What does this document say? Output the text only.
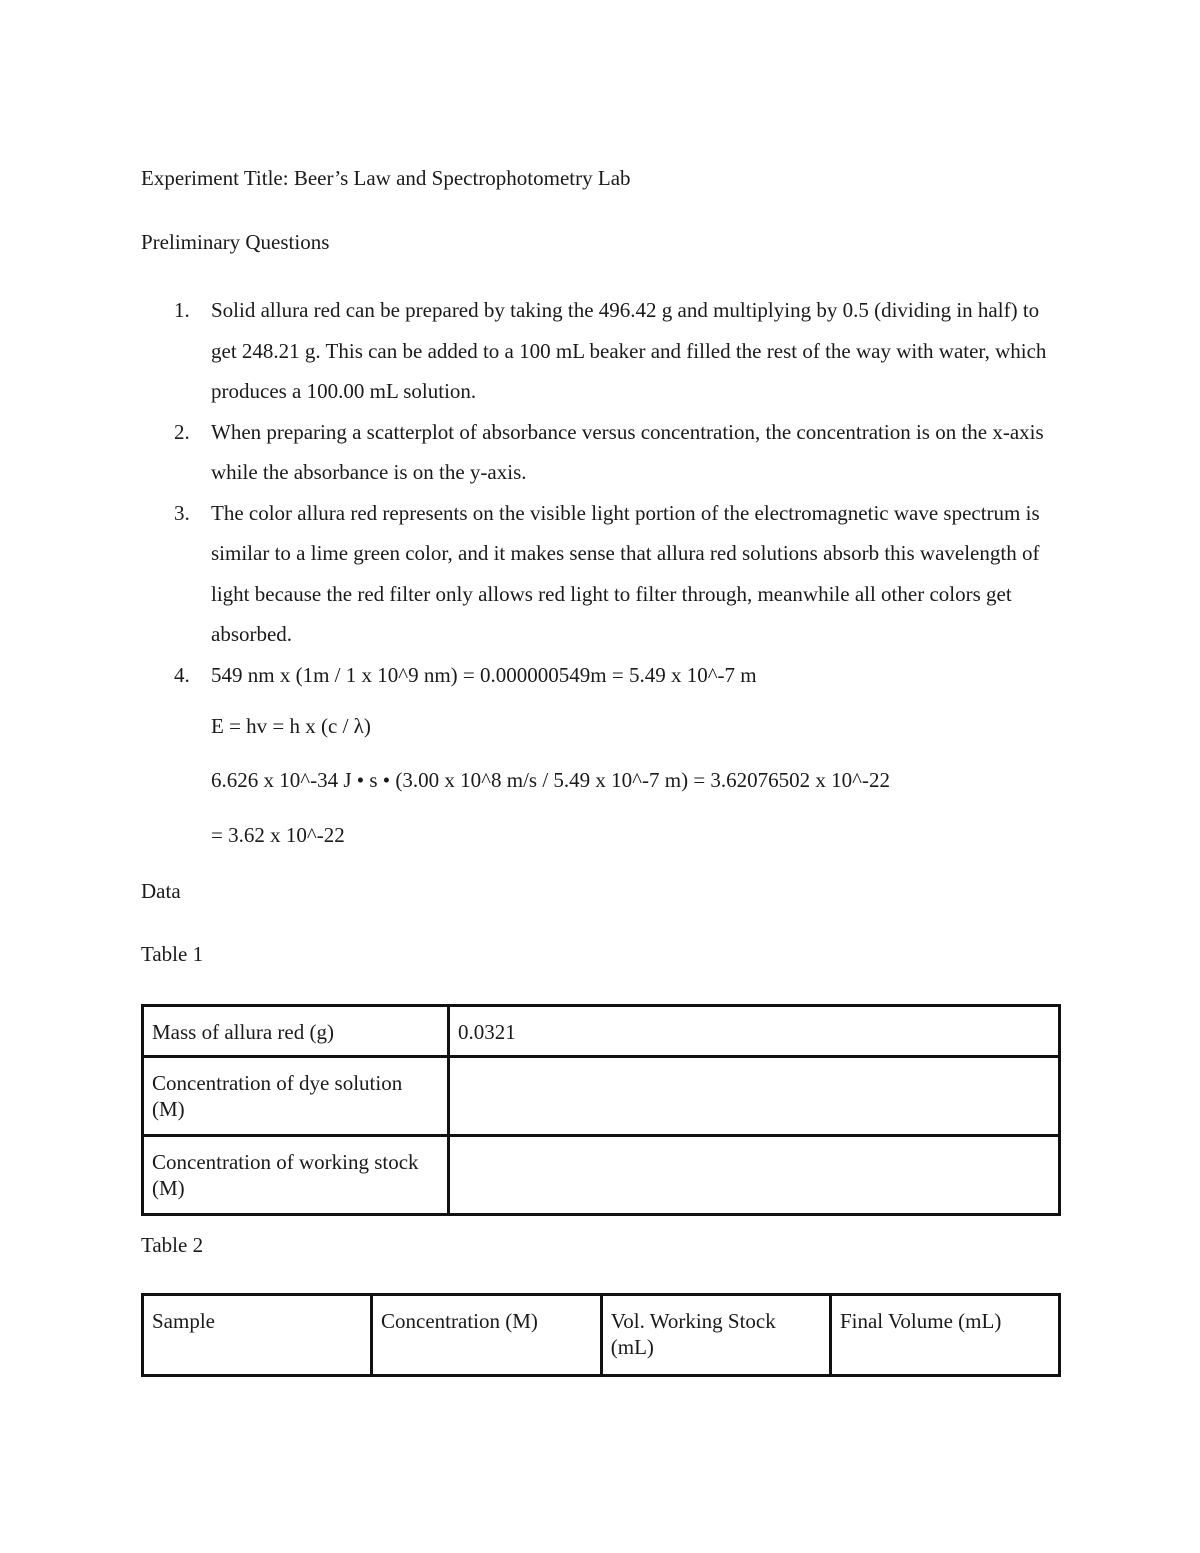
Experiment Title: Beer’s Law and Spectrophotometry Lab

Preliminary Questions

1. Solid allura red can be prepared by taking the 496.42 g and multiplying by 0.5 (dividing in half) to get 248.21 g. This can be added to a 100 mL beaker and filled the rest of the way with water, which produces a 100.00 mL solution.
2. When preparing a scatterplot of absorbance versus concentration, the concentration is on the x-axis while the absorbance is on the y-axis.
3. The color allura red represents on the visible light portion of the electromagnetic wave spectrum is similar to a lime green color, and it makes sense that allura red solutions absorb this wavelength of light because the red filter only allows red light to filter through, meanwhile all other colors get absorbed.
4. 549 nm x (1m / 1 x 10^9 nm) = 0.000000549m = 5.49 x 10^-7 m

E = hv = h x (c / λ)

6.626 x 10^-34 J • s • (3.00 x 10^8 m/s / 5.49 x 10^-7 m) = 3.62076502 x 10^-22

= 3.62 x 10^-22

Data

Table 1

Mass of allura red (g)	0.0321
Concentration of dye solution (M)	
Concentration of working stock (M)	

Table 2

Sample	Concentration (M)	Vol. Working Stock (mL)	Final Volume (mL)
